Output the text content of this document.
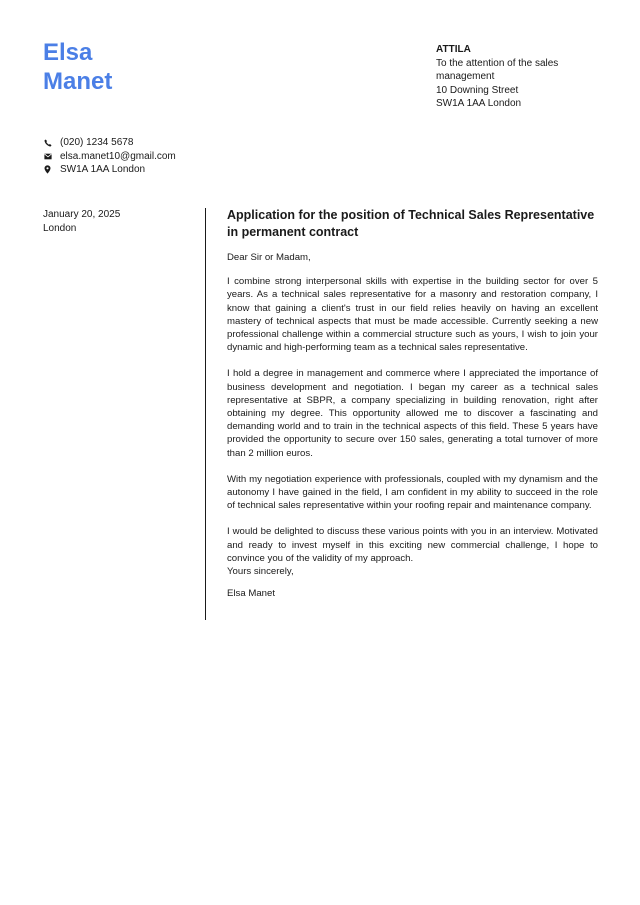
Elsa
Manet
ATTILA
To the attention of the sales management
10 Downing Street
SW1A 1AA London
(020) 1234 5678
elsa.manet10@gmail.com
SW1A 1AA London
January 20, 2025
London
Application for the position of Technical Sales Representative in permanent contract

Dear Sir or Madam,

I combine strong interpersonal skills with expertise in the building sector for over 5 years. As a technical sales representative for a masonry and restoration company, I know that gaining a client's trust in our field relies heavily on having an excellent mastery of technical aspects that must be made accessible. Currently seeking a new professional challenge within a commercial structure such as yours, I wish to join your dynamic and high-performing team as a technical sales representative.

I hold a degree in management and commerce where I appreciated the importance of business development and negotiation. I began my career as a technical sales representative at SBPR, a company specializing in building renovation, right after obtaining my degree. This opportunity allowed me to discover a fascinating and demanding world and to train in the technical aspects of this field. These 5 years have provided the opportunity to secure over 150 sales, generating a total turnover of more than 2 million euros.

With my negotiation experience with professionals, coupled with my dynamism and the autonomy I have gained in the field, I am confident in my ability to succeed in the role of technical sales representative within your roofing repair and maintenance company.

I would be delighted to discuss these various points with you in an interview. Motivated and ready to invest myself in this exciting new commercial challenge, I hope to convince you of the validity of my approach.

Yours sincerely,
Elsa Manet
